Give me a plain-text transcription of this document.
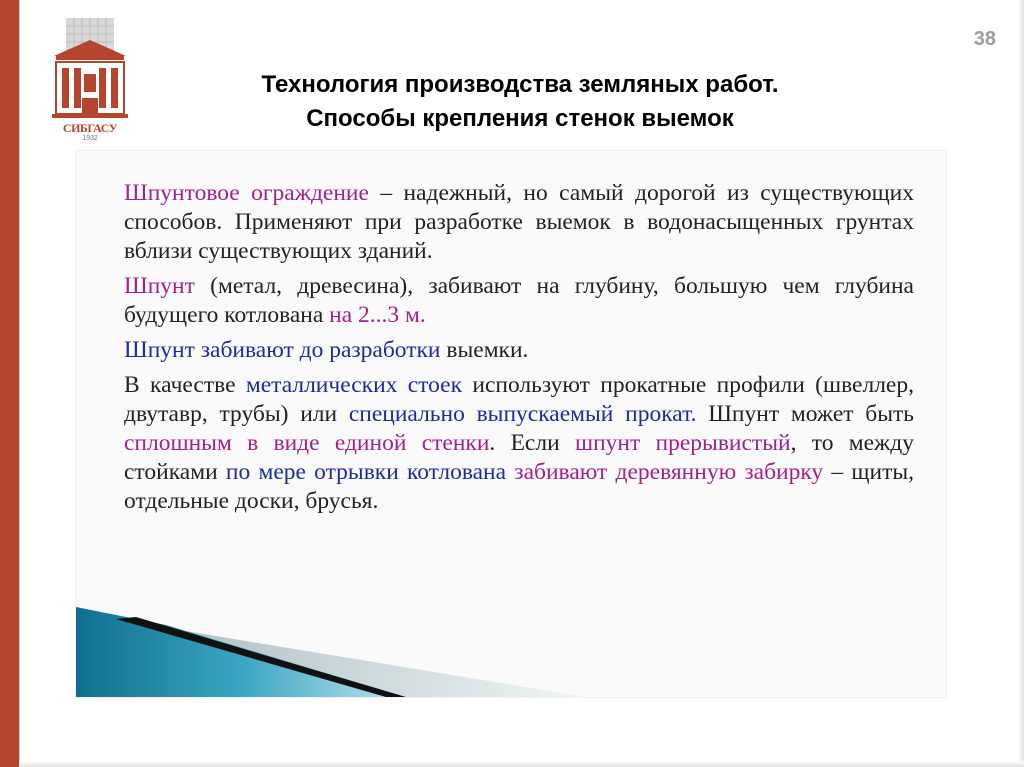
СИБГАСУ
1932
38
Технология производства земляных работ.
Способы крепления стенок выемок

Шпунтовое ограждение – надежный, но самый дорогой из существующих способов. Применяют при разработке выемок в водонасыщенных грунтах вблизи существующих зданий.

Шпунт (метал, древесина), забивают на глубину, большую чем глубина будущего котлована на 2...3 м.

Шпунт забивают до разработки выемки.

В качестве металлических стоек используют прокатные профили (швеллер, двутавр, трубы) или специально выпускаемый прокат. Шпунт может быть сплошным в виде единой стенки. Если шпунт прерывистый, то между стойками по мере отрывки котлована забивают деревянную забирку – щиты, отдельные доски, брусья.
